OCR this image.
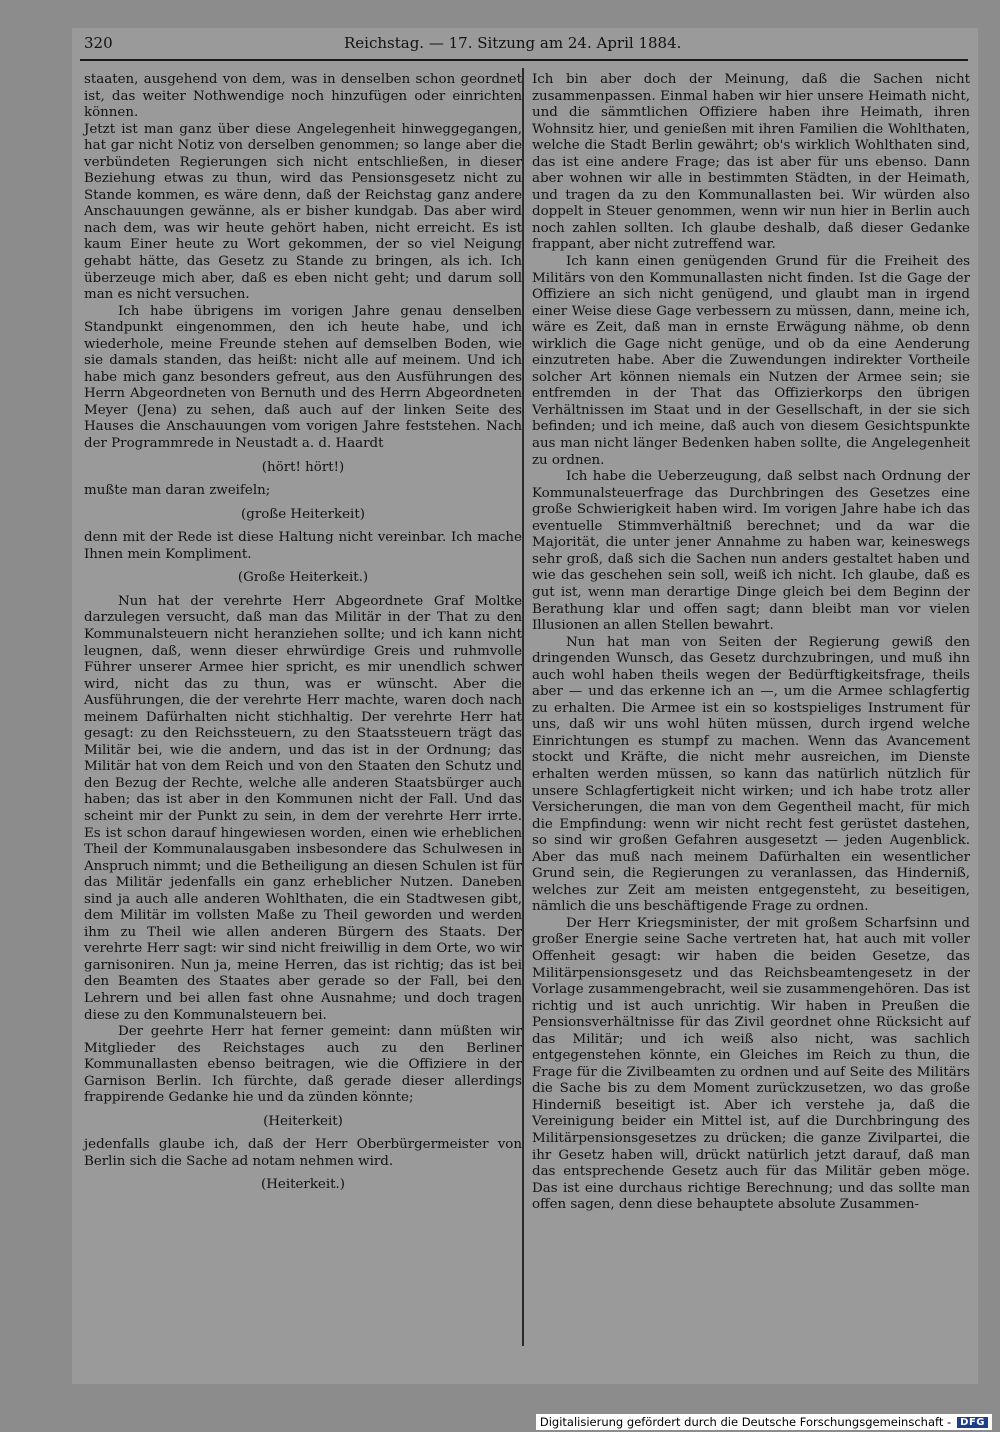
320	Reichstag. — 17. Sitzung am 24. April 1884.

staaten, ausgehend von dem, was in denselben schon geordnet ist, das weiter Nothwendige noch hinzufügen oder einrichten können.

Jetzt ist man ganz über diese Angelegenheit hinweggegangen, hat gar nicht Notiz von derselben genommen; so lange aber die verbündeten Regierungen sich nicht entschließen, in dieser Beziehung etwas zu thun, wird das Pensionsgesetz nicht zu Stande kommen, es wäre denn, daß der Reichstag ganz andere Anschauungen gewänne, als er bisher kundgab. Das aber wird nach dem, was wir heute gehört haben, nicht erreicht. Es ist kaum Einer heute zu Wort gekommen, der so viel Neigung gehabt hätte, das Gesetz zu Stande zu bringen, als ich. Ich überzeuge mich aber, daß es eben nicht geht; und darum soll man es nicht versuchen.

Ich habe übrigens im vorigen Jahre genau denselben Standpunkt eingenommen, den ich heute habe, und ich wiederhole, meine Freunde stehen auf demselben Boden, wie sie damals standen, das heißt: nicht alle auf meinem. Und ich habe mich ganz besonders gefreut, aus den Ausführungen des Herrn Abgeordneten von Bernuth und des Herrn Abgeordneten Meyer (Jena) zu sehen, daß auch auf der linken Seite des Hauses die Anschauungen vom vorigen Jahre feststehen. Nach der Programmrede in Neustadt a. d. Haardt

(hört! hört!)

mußte man daran zweifeln;

(große Heiterkeit)

denn mit der Rede ist diese Haltung nicht vereinbar. Ich mache Ihnen mein Kompliment.

(Große Heiterkeit.)

Nun hat der verehrte Herr Abgeordnete Graf Moltke darzulegen versucht, daß man das Militär in der That zu den Kommunalsteuern nicht heranziehen sollte; und ich kann nicht leugnen, daß, wenn dieser ehrwürdige Greis und ruhmvolle Führer unserer Armee hier spricht, es mir unendlich schwer wird, nicht das zu thun, was er wünscht. Aber die Ausführungen, die der verehrte Herr machte, waren doch nach meinem Dafürhalten nicht stichhaltig. Der verehrte Herr hat gesagt: zu den Reichssteuern, zu den Staatssteuern trägt das Militär bei, wie die andern, und das ist in der Ordnung; das Militär hat von dem Reich und von den Staaten den Schutz und den Bezug der Rechte, welche alle anderen Staatsbürger auch haben; das ist aber in den Kommunen nicht der Fall. Und das scheint mir der Punkt zu sein, in dem der verehrte Herr irrte. Es ist schon darauf hingewiesen worden, einen wie erheblichen Theil der Kommunalausgaben insbesondere das Schulwesen in Anspruch nimmt; und die Betheiligung an diesen Schulen ist für das Militär jedenfalls ein ganz erheblicher Nutzen. Daneben sind ja auch alle anderen Wohlthaten, die ein Stadtwesen gibt, dem Militär im vollsten Maße zu Theil geworden und werden ihm zu Theil wie allen anderen Bürgern des Staats. Der verehrte Herr sagt: wir sind nicht freiwillig in dem Orte, wo wir garnisoniren. Nun ja, meine Herren, das ist richtig; das ist bei den Beamten des Staates aber gerade so der Fall, bei den Lehrern und bei allen fast ohne Ausnahme; und doch tragen diese zu den Kommunalsteuern bei.

Der geehrte Herr hat ferner gemeint: dann müßten wir Mitglieder des Reichstages auch zu den Berliner Kommunallasten ebenso beitragen, wie die Offiziere in der Garnison Berlin. Ich fürchte, daß gerade dieser allerdings frappirende Gedanke hie und da zünden könnte;

(Heiterkeit)

jedenfalls glaube ich, daß der Herr Oberbürgermeister von Berlin sich die Sache ad notam nehmen wird.

(Heiterkeit.)

Ich bin aber doch der Meinung, daß die Sachen nicht zusammenpassen. Einmal haben wir hier unsere Heimath nicht, und die sämmtlichen Offiziere haben ihre Heimath, ihren Wohnsitz hier, und genießen mit ihren Familien die Wohlthaten, welche die Stadt Berlin gewährt; ob's wirklich Wohlthaten sind, das ist eine andere Frage; das ist aber für uns ebenso. Dann aber wohnen wir alle in bestimmten Städten, in der Heimath, und tragen da zu den Kommunallasten bei. Wir würden also doppelt in Steuer genommen, wenn wir nun hier in Berlin auch noch zahlen sollten. Ich glaube deshalb, daß dieser Gedanke frappant, aber nicht zutreffend war.

Ich kann einen genügenden Grund für die Freiheit des Militärs von den Kommunallasten nicht finden. Ist die Gage der Offiziere an sich nicht genügend, und glaubt man in irgend einer Weise diese Gage verbessern zu müssen, dann, meine ich, wäre es Zeit, daß man in ernste Erwägung nähme, ob denn wirklich die Gage nicht genüge, und ob da eine Aenderung einzutreten habe. Aber die Zuwendungen indirekter Vortheile solcher Art können niemals ein Nutzen der Armee sein; sie entfremden in der That das Offizierkorps den übrigen Verhältnissen im Staat und in der Gesellschaft, in der sie sich befinden; und ich meine, daß auch von diesem Gesichtspunkte aus man nicht länger Bedenken haben sollte, die Angelegenheit zu ordnen.

Ich habe die Ueberzeugung, daß selbst nach Ordnung der Kommunalsteuerfrage das Durchbringen des Gesetzes eine große Schwierigkeit haben wird. Im vorigen Jahre habe ich das eventuelle Stimmverhältniß berechnet; und da war die Majorität, die unter jener Annahme zu haben war, keineswegs sehr groß, daß sich die Sachen nun anders gestaltet haben und wie das geschehen sein soll, weiß ich nicht. Ich glaube, daß es gut ist, wenn man derartige Dinge gleich bei dem Beginn der Berathung klar und offen sagt; dann bleibt man vor vielen Illusionen an allen Stellen bewahrt.

Nun hat man von Seiten der Regierung gewiß den dringenden Wunsch, das Gesetz durchzubringen, und muß ihn auch wohl haben theils wegen der Bedürftigkeitsfrage, theils aber — und das erkenne ich an —, um die Armee schlagfertig zu erhalten. Die Armee ist ein so kostspieliges Instrument für uns, daß wir uns wohl hüten müssen, durch irgend welche Einrichtungen es stumpf zu machen. Wenn das Avancement stockt und Kräfte, die nicht mehr ausreichen, im Dienste erhalten werden müssen, so kann das natürlich nützlich für unsere Schlagfertigkeit nicht wirken; und ich habe trotz aller Versicherungen, die man von dem Gegentheil macht, für mich die Empfindung: wenn wir nicht recht fest gerüstet dastehen, so sind wir großen Gefahren ausgesetzt — jeden Augenblick. Aber das muß nach meinem Dafürhalten ein wesentlicher Grund sein, die Regierungen zu veranlassen, das Hinderniß, welches zur Zeit am meisten entgegensteht, zu beseitigen, nämlich die uns beschäftigende Frage zu ordnen.

Der Herr Kriegsminister, der mit großem Scharfsinn und großer Energie seine Sache vertreten hat, hat auch mit voller Offenheit gesagt: wir haben die beiden Gesetze, das Militärpensionsgesetz und das Reichsbeamtengesetz in der Vorlage zusammengebracht, weil sie zusammengehören. Das ist richtig und ist auch unrichtig. Wir haben in Preußen die Pensionsverhältnisse für das Zivil geordnet ohne Rücksicht auf das Militär; und ich weiß also nicht, was sachlich entgegenstehen könnte, ein Gleiches im Reich zu thun, die Frage für die Zivilbeamten zu ordnen und auf Seite des Militärs die Sache bis zu dem Moment zurückzusetzen, wo das große Hinderniß beseitigt ist. Aber ich verstehe ja, daß die Vereinigung beider ein Mittel ist, auf die Durchbringung des Militärpensionsgesetzes zu drücken; die ganze Zivilpartei, die ihr Gesetz haben will, drückt natürlich jetzt darauf, daß man das entsprechende Gesetz auch für das Militär geben möge. Das ist eine durchaus richtige Berechnung; und das sollte man offen sagen, denn diese behauptete absolute Zusammen-

Digitalisierung gefördert durch die Deutsche Forschungsgemeinschaft - DFG
